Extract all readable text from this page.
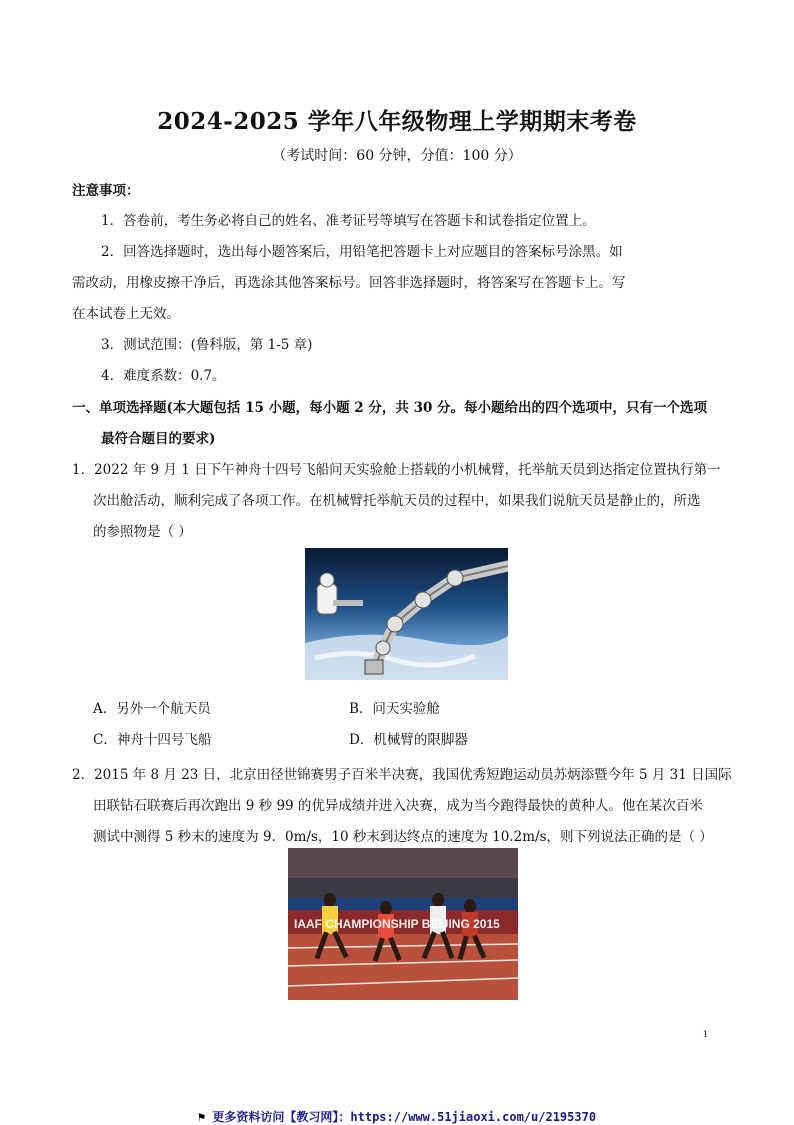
2024-2025 学年八年级物理上学期期末考卷
（考试时间：60 分钟，分值：100 分）
注意事项：
1．答卷前，考生务必将自己的姓名、准考证号等填写在答题卡和试卷指定位置上。
2．回答选择题时，选出每小题答案后，用铅笔把答题卡上对应题目的答案标号涂黑。如
需改动，用橡皮擦干净后，再选涂其他答案标号。回答非选择题时，将答案写在答题卡上。写
在本试卷上无效。
3．测试范围：(鲁科版，第 1-5 章)
4．难度系数：0.7。
一、单项选择题(本大题包括 15 小题，每小题 2 分，共 30 分。每小题给出的四个选项中，只有一个选项
最符合题目的要求)
1．2022 年 9 月 1 日下午神舟十四号飞船问天实验舱上搭载的小机械臂，托举航天员到达指定位置执行第一
次出舱活动，顺利完成了各项工作。在机械臂托举航天员的过程中，如果我们说航天员是静止的，所选
的参照物是（ ）
A．另外一个航天员	B．问天实验舱
C．神舟十四号飞船	D．机械臂的限脚器
2．2015 年 8 月 23 日，北京田径世锦赛男子百米半决赛，我国优秀短跑运动员苏炳添暨今年 5 月 31 日国际
田联钻石联赛后再次跑出 9 秒 99 的优异成绩并进入决赛，成为当今跑得最快的黄种人。他在某次百米
测试中测得 5 秒末的速度为 9．0m/s，10 秒末到达终点的速度为 10.2m/s，则下列说法正确的是（ ）
IAAF CHAMPIONSHIP BEIJING 2015
1
⚑ 更多资料访问【教习网】：https://www.51jiaoxi.com/u/2195370
